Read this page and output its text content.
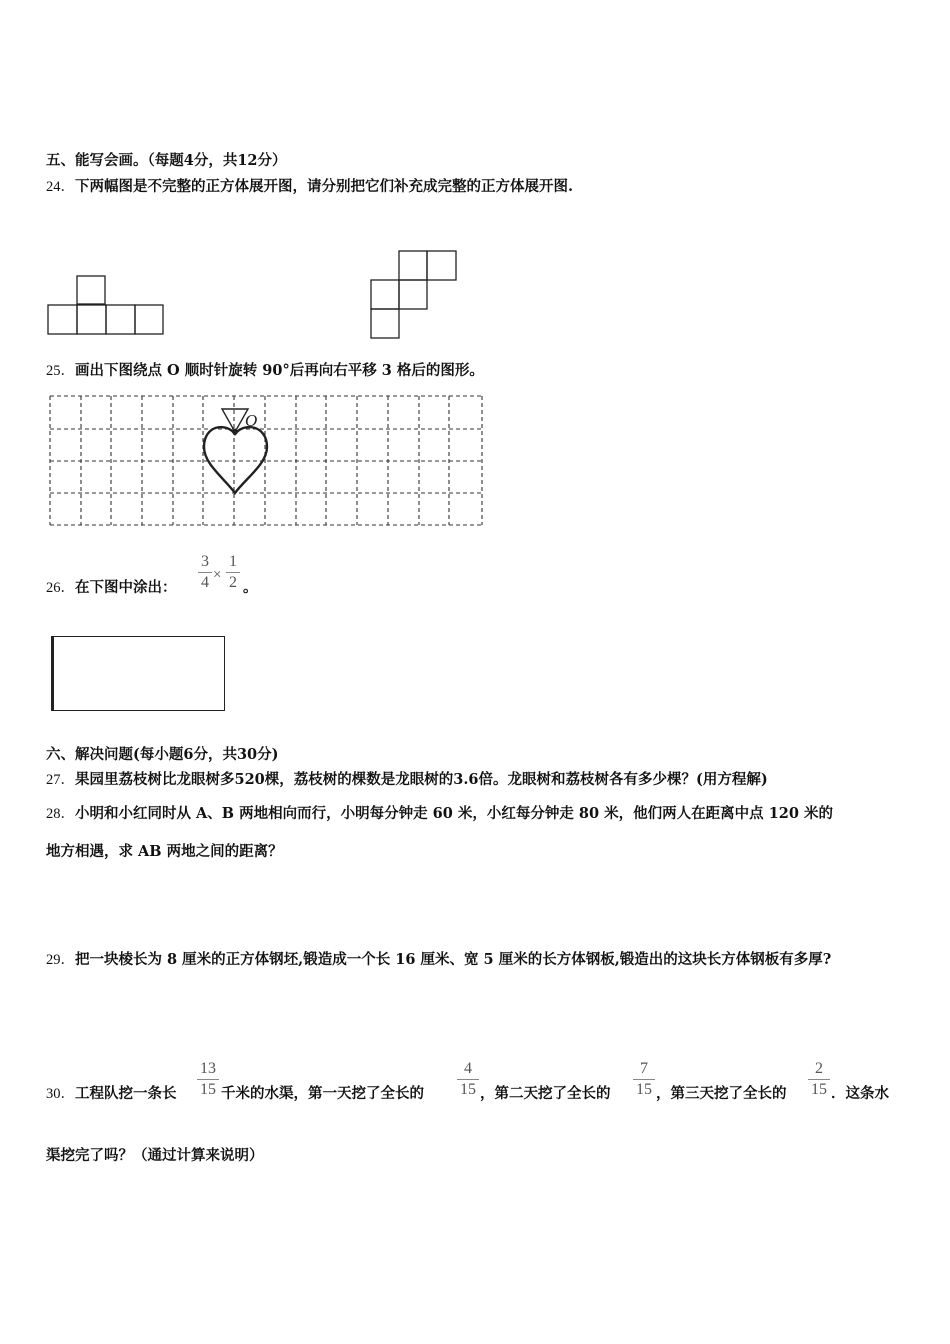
五、能写会画。（每题4分，共12分）
24．下两幅图是不完整的正方体展开图，请分别把它们补充成完整的正方体展开图.
25．画出下图绕点 O 顺时针旋转 90°后再向右平移 3 格后的图形。
O
26．在下图中涂出：
3
4 ×
1
2 。
六、解决问题(每小题6分，共30分)
27．果园里荔枝树比龙眼树多520棵，荔枝树的棵数是龙眼树的3.6倍。龙眼树和荔枝树各有多少棵？(用方程解)
28．小明和小红同时从 A、B 两地相向而行，小明每分钟走 60 米，小红每分钟走 80 米，他们两人在距离中点 120 米的
地方相遇，求 AB 两地之间的距离？
29．把一块棱长为 8 厘米的正方体钢坯,锻造成一个长 16 厘米、宽 5 厘米的长方体钢板,锻造出的这块长方体钢板有多厚?
30．工程队挖一条长
13
15 千米的水渠，第一天挖了全长的
4
15 ，第二天挖了全长的
7
15 ，第三天挖了全长的
2
15 ．这条水
渠挖完了吗？（通过计算来说明）
